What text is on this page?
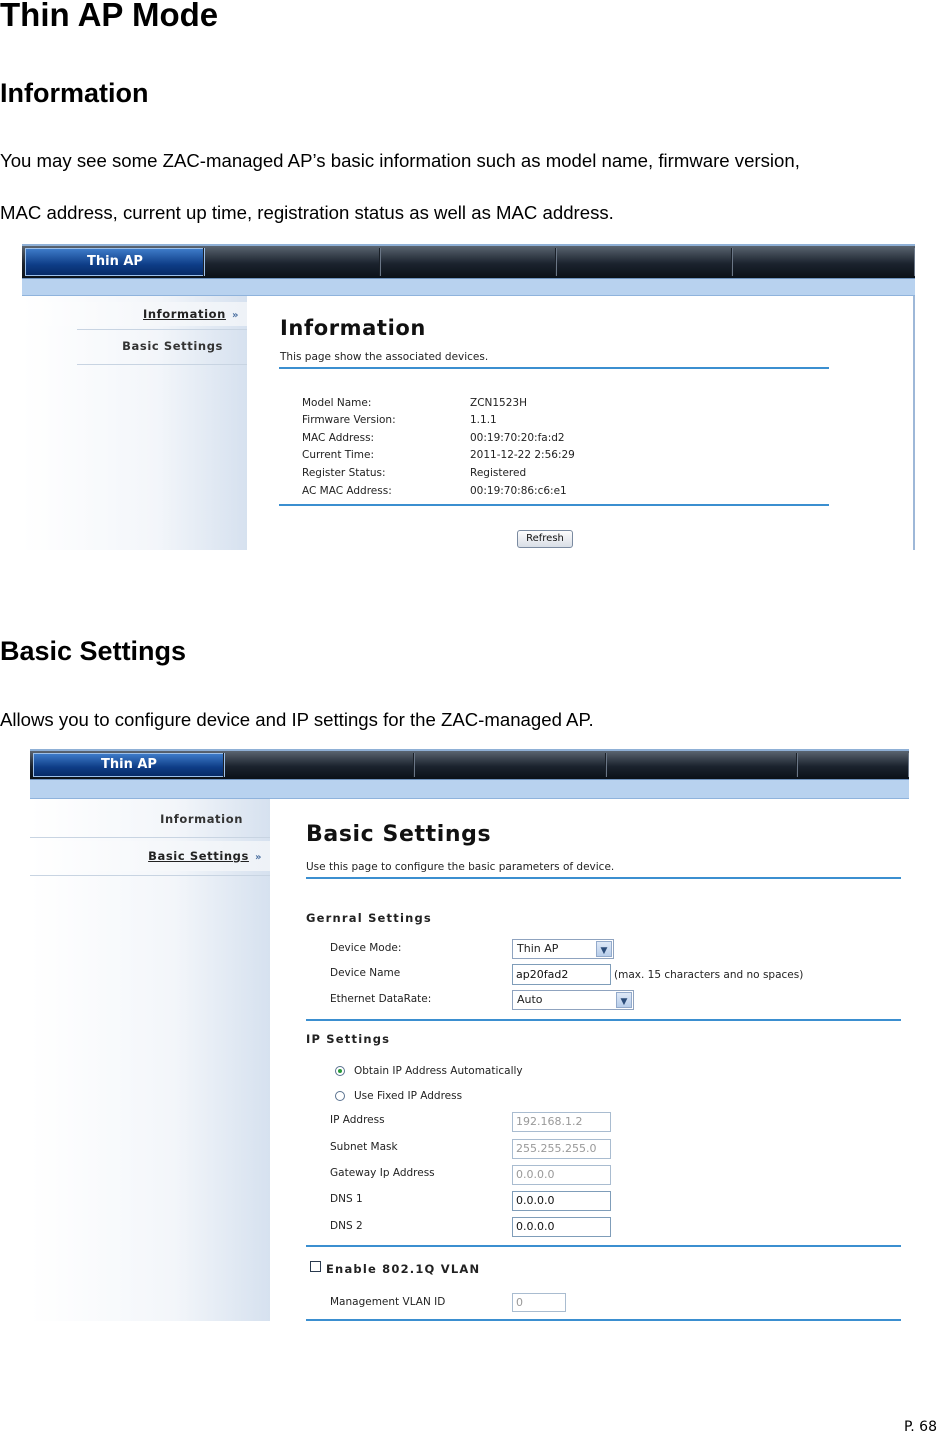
Thin AP Mode
Information

You may see some ZAC-managed AP’s basic information such as model name, firmware version,

MAC address, current up time, registration status as well as MAC address.

Thin AP
Information »
Basic Settings
Information
This page show the associated devices.
Model Name:	ZCN1523H
Firmware Version:	1.1.1
MAC Address:	00:19:70:20:fa:d2
Current Time:	2011-12-22 2:56:29
Register Status:	Registered
AC MAC Address:	00:19:70:86:c6:e1
Refresh
Basic Settings

Allows you to configure device and IP settings for the ZAC-managed AP.

Thin AP
Information
Basic Settings »
Basic Settings
Use this page to configure the basic parameters of device.
Gernral Settings
Device Mode:	Thin AP	▼
Device Name	ap20fad2	(max. 15 characters and no spaces)
Ethernet DataRate:	Auto	▼
IP Settings
Obtain IP Address Automatically
Use Fixed IP Address
IP Address	192.168.1.2
Subnet Mask	255.255.255.0
Gateway Ip Address	0.0.0.0
DNS 1	0.0.0.0
DNS 2	0.0.0.0
Enable 802.1Q VLAN
Management VLAN ID	0
P. 68
